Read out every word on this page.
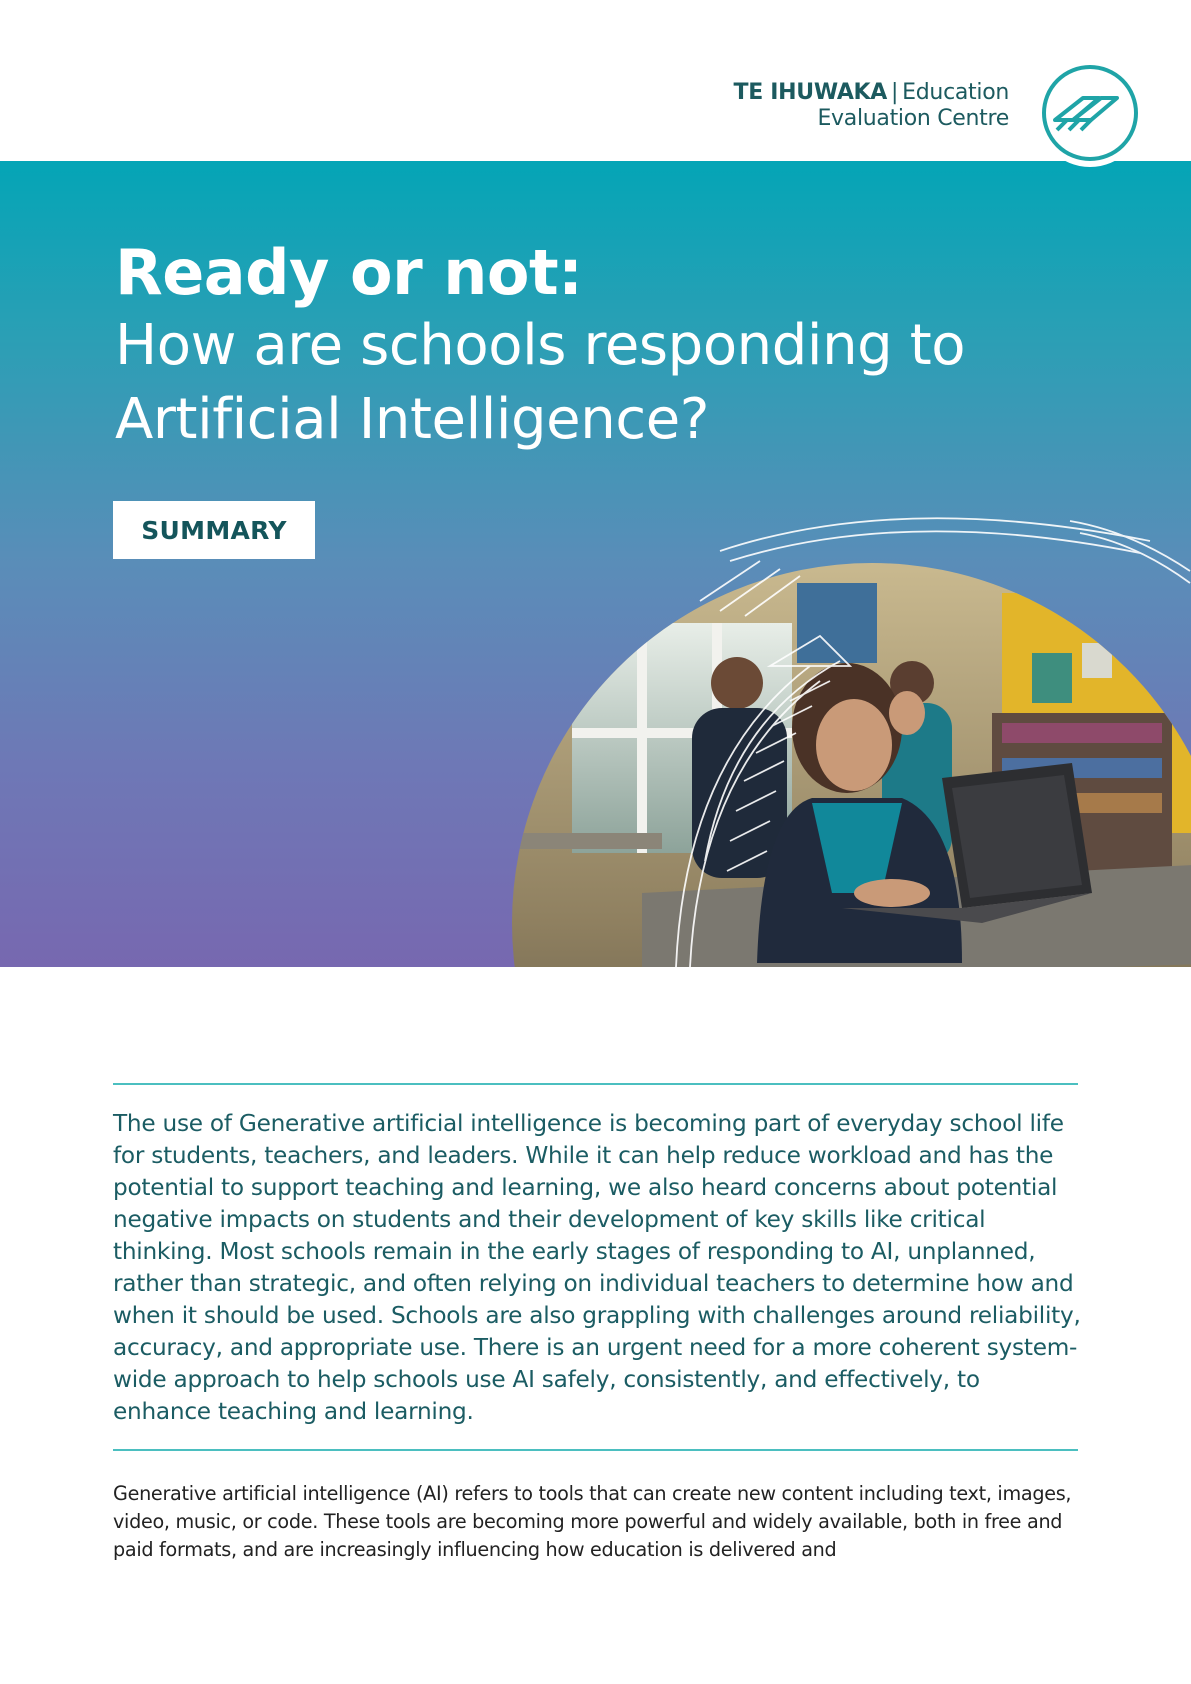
TE IHUWAKA | Education
Evaluation Centre
Ready or not:
How are schools responding to Artificial Intelligence?
SUMMARY
The use of Generative artificial intelligence is becoming part of everyday school life for students, teachers, and leaders. While it can help reduce workload and has the potential to support teaching and learning, we also heard concerns about potential negative impacts on students and their development of key skills like critical thinking. Most schools remain in the early stages of responding to AI, unplanned, rather than strategic, and often relying on individual teachers to determine how and when it should be used. Schools are also grappling with challenges around reliability, accuracy, and appropriate use. There is an urgent need for a more coherent system-wide approach to help schools use AI safely, consistently, and effectively, to enhance teaching and learning.
Generative artificial intelligence (AI) refers to tools that can create new content including text, images, video, music, or code. These tools are becoming more powerful and widely available, both in free and paid formats, and are increasingly influencing how education is delivered and
